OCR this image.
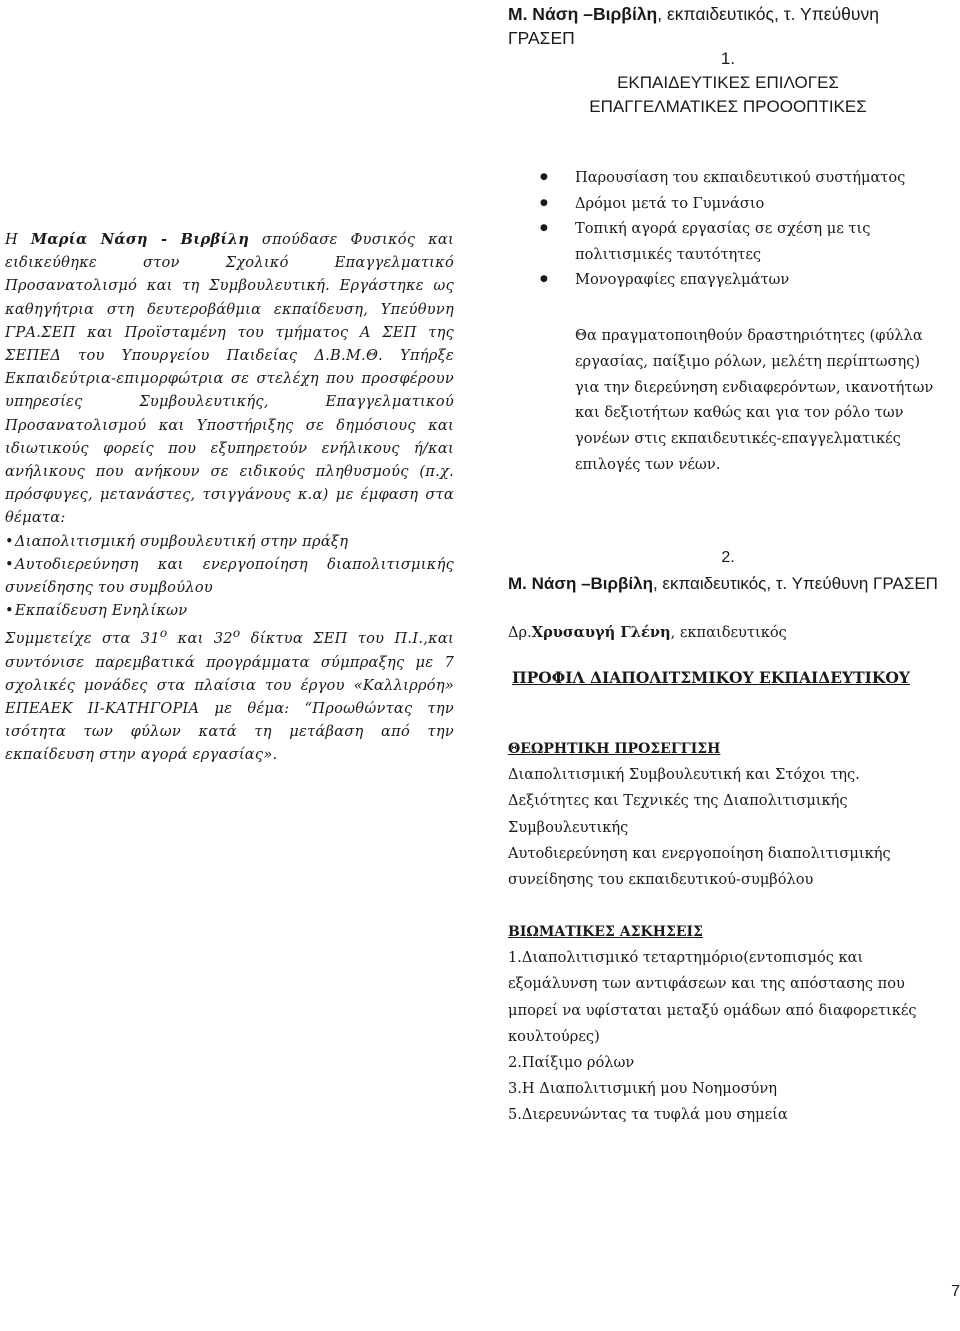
Μ. Νάση –Βιρβίλη, εκπαιδευτικός, τ. Υπεύθυνη ΓΡΑΣΕΠ
1.
ΕΚΠΑΙΔΕΥΤΙΚΕΣ ΕΠΙΛΟΓΕΣ
ΕΠΑΓΓΕΛΜΑΤΙΚΕΣ ΠΡΟΟΟΠΤΙΚΕΣ

Η Μαρία Νάση - Βιρβίλη σπούδασε Φυσικός και ειδικεύθηκε στον Σχολικό Επαγγελματικό Προσανατολισμό και τη Συμβουλευτική. Εργάστηκε ως καθηγήτρια στη δευτεροβάθμια εκπαίδευση, Υπεύθυνη ΓΡΑ.ΣΕΠ και Προϊσταμένη του τμήματος Α ΣΕΠ της ΣΕΠΕΔ του Υπουργείου Παιδείας Δ.Β.Μ.Θ. Υπήρξε Εκπαιδεύτρια-επιμορφώτρια σε στελέχη που προσφέρουν υπηρεσίες Συμβουλευτικής, Επαγγελματικού Προσανατολισμού και Υποστήριξης σε δημόσιους και ιδιωτικούς φορείς που εξυπηρετούν ενήλικους ή/και ανήλικους που ανήκουν σε ειδικούς πληθυσμούς (π.χ. πρόσφυγες, μετανάστες, τσιγγάνους κ.α) με έμφαση στα θέματα:

• Διαπολιτισμική συμβουλευτική στην πράξη

• Αυτοδιερεύνηση και ενεργοποίηση διαπολιτισμικής συνείδησης του συμβούλου

• Εκπαίδευση Ενηλίκων

Συμμετείχε στα $31^o$ και $32^o$ δίκτυα ΣΕΠ του Π.Ι.,και συντόνισε παρεμβατικά προγράμματα σύμπραξης με 7 σχολικές μονάδες στα πλαίσια του έργου «Καλλιρρόη» ΕΠΕΑΕΚ ΙΙ-ΚΑΤΗΓΟΡΙΑ με θέμα: “Προωθώντας την ισότητα των φύλων κατά τη μετάβαση από την εκπαίδευση στην αγορά εργασίας».

● Παρουσίαση του εκπαιδευτικού συστήματος
● Δρόμοι μετά το Γυμνάσιο
● Τοπική αγορά εργασίας σε σχέση με τις πολιτισμικές ταυτότητες
● Μονογραφίες επαγγελμάτων
Θα πραγματοποιηθούν δραστηριότητες (φύλλα εργασίας, παίξιμο ρόλων, μελέτη περίπτωσης) για την διερεύνηση ενδιαφερόντων, ικανοτήτων και δεξιοτήτων καθώς και για τον ρόλο των γονέων στις εκπαιδευτικές-επαγγελματικές επιλογές των νέων.
2.
Μ. Νάση –Βιρβίλη, εκπαιδευτικός, τ. Υπεύθυνη ΓΡΑΣΕΠ
Δρ.Χρυσαυγή Γλένη, εκπαιδευτικός
ΠΡΟΦΙΛ ΔΙΑΠΟΛΙΤΣΜΙΚΟΥ ΕΚΠΑΙΔΕΥΤΙΚΟΥ
ΘΕΩΡΗΤΙΚΗ ΠΡΟΣΕΓΓΙΣΗ
Διαπολιτισμική Συμβουλευτική και Στόχοι της.
Δεξιότητες και Τεχνικές της Διαπολιτισμικής Συμβουλευτικής
Αυτοδιερεύνηση και ενεργοποίηση διαπολιτισμικής συνείδησης του εκπαιδευτικού-συμβόλου
ΒΙΩΜΑΤΙΚΕΣ ΑΣΚΗΣΕΙΣ
1.Διαπολιτισμικό τεταρτημόριο(εντοπισμός και εξομάλυνση των αντιφάσεων και της απόστασης που μπορεί να υφίσταται μεταξύ ομάδων από διαφορετικές κουλτούρες)
2.Παίξιμο ρόλων
3.Η Διαπολιτισμική μου Νοημοσύνη
5.Διερευνώντας τα τυφλά μου σημεία
7
